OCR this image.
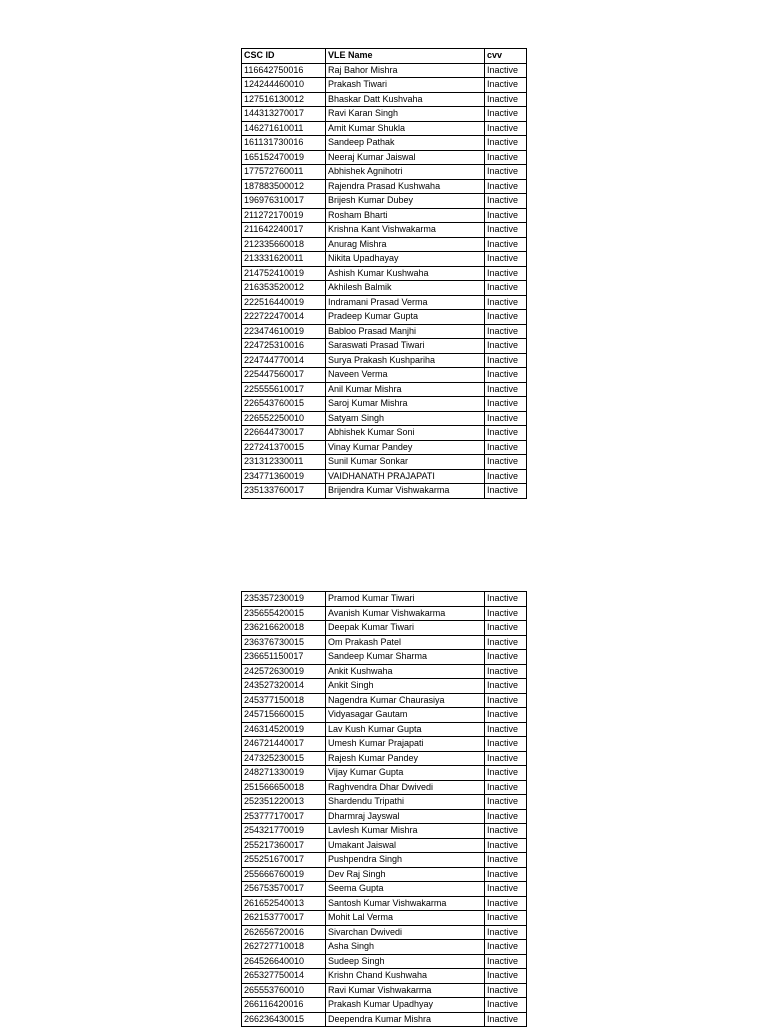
CSC ID	VLE Name	cvv
116642750016	Raj Bahor Mishra	Inactive
124244460010	Prakash Tiwari	Inactive
127516130012	Bhaskar Datt Kushvaha	Inactive
144313270017	Ravi Karan Singh	Inactive
146271610011	Amit Kumar Shukla	Inactive
161131730016	Sandeep Pathak	Inactive
165152470019	Neeraj Kumar Jaiswal	Inactive
177572760011	Abhishek Agnihotri	Inactive
187883500012	Rajendra Prasad Kushwaha	Inactive
196976310017	Brijesh Kumar Dubey	Inactive
211272170019	Rosham Bharti	Inactive
211642240017	Krishna Kant Vishwakarma	Inactive
212335660018	Anurag Mishra	Inactive
213331620011	Nikita Upadhayay	Inactive
214752410019	Ashish Kumar Kushwaha	Inactive
216353520012	Akhilesh Balmik	Inactive
222516440019	Indramani Prasad Verma	Inactive
222722470014	Pradeep Kumar Gupta	Inactive
223474610019	Babloo Prasad Manjhi	Inactive
224725310016	Saraswati Prasad Tiwari	Inactive
224744770014	Surya Prakash Kushpariha	Inactive
225447560017	Naveen Verma	Inactive
225555610017	Anil Kumar Mishra	Inactive
226543760015	Saroj Kumar Mishra	Inactive
226552250010	Satyam Singh	Inactive
226644730017	Abhishek Kumar Soni	Inactive
227241370015	Vinay Kumar Pandey	Inactive
231312330011	Sunil Kumar Sonkar	Inactive
234771360019	VAIDHANATH PRAJAPATI	Inactive
235133760017	Brijendra Kumar Vishwakarma	Inactive
235357230019	Pramod Kumar Tiwari	Inactive
235655420015	Avanish Kumar Vishwakarma	Inactive
236216620018	Deepak Kumar Tiwari	Inactive
236376730015	Om Prakash Patel	Inactive
236651150017	Sandeep Kumar Sharma	Inactive
242572630019	Ankit Kushwaha	Inactive
243527320014	Ankit Singh	Inactive
245377150018	Nagendra Kumar Chaurasiya	Inactive
245715660015	Vidyasagar Gautam	Inactive
246314520019	Lav Kush Kumar Gupta	Inactive
246721440017	Umesh Kumar Prajapati	Inactive
247325230015	Rajesh Kumar Pandey	Inactive
248271330019	Vijay Kumar Gupta	Inactive
251566650018	Raghvendra Dhar Dwivedi	Inactive
252351220013	Shardendu Tripathi	Inactive
253777170017	Dharmraj Jayswal	Inactive
254321770019	Lavlesh Kumar Mishra	Inactive
255217360017	Umakant Jaiswal	Inactive
255251670017	Pushpendra Singh	Inactive
255666760019	Dev Raj Singh	Inactive
256753570017	Seema Gupta	Inactive
261652540013	Santosh Kumar Vishwakarma	Inactive
262153770017	Mohit Lal Verma	Inactive
262656720016	Sivarchan Dwivedi	Inactive
262727710018	Asha Singh	Inactive
264526640010	Sudeep Singh	Inactive
265327750014	Krishn Chand Kushwaha	Inactive
265553760010	Ravi Kumar Vishwakarma	Inactive
266116420016	Prakash Kumar Upadhyay	Inactive
266236430015	Deependra Kumar Mishra	Inactive
